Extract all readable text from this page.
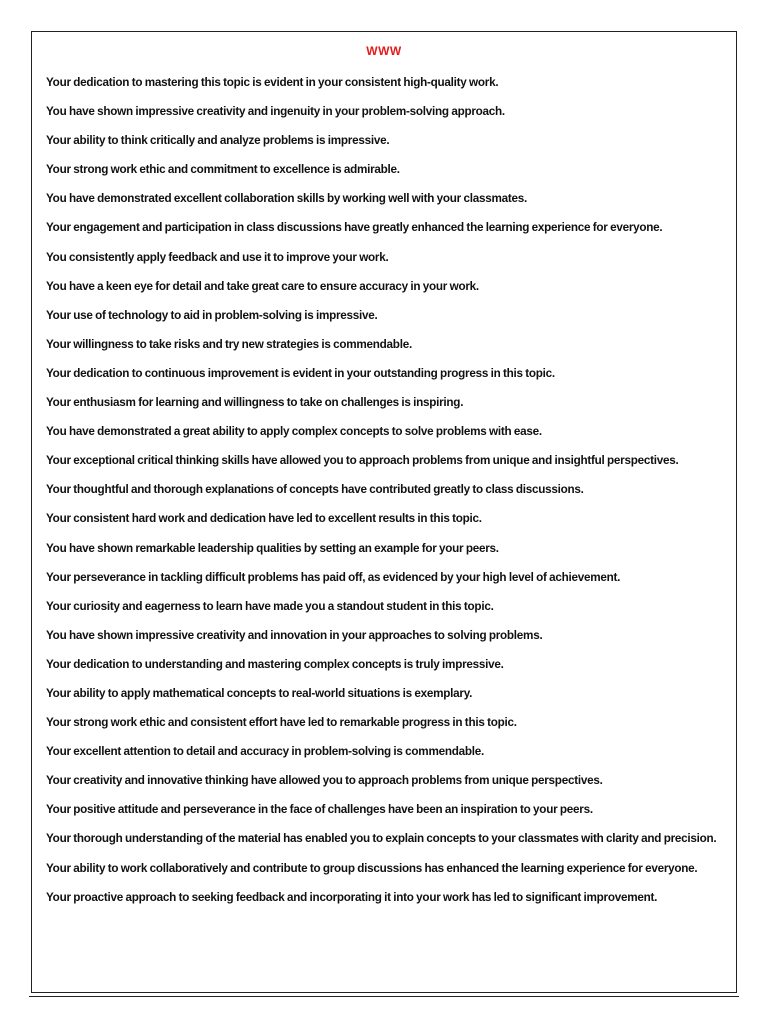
WWW
Your dedication to mastering this topic is evident in your consistent high-quality work.
You have shown impressive creativity and ingenuity in your problem-solving approach.
Your ability to think critically and analyze problems is impressive.
Your strong work ethic and commitment to excellence is admirable.
You have demonstrated excellent collaboration skills by working well with your classmates.
Your engagement and participation in class discussions have greatly enhanced the learning experience for everyone.
You consistently apply feedback and use it to improve your work.
You have a keen eye for detail and take great care to ensure accuracy in your work.
Your use of technology to aid in problem-solving is impressive.
Your willingness to take risks and try new strategies is commendable.
Your dedication to continuous improvement is evident in your outstanding progress in this topic.
Your enthusiasm for learning and willingness to take on challenges is inspiring.
You have demonstrated a great ability to apply complex concepts to solve problems with ease.
Your exceptional critical thinking skills have allowed you to approach problems from unique and insightful perspectives.
Your thoughtful and thorough explanations of concepts have contributed greatly to class discussions.
Your consistent hard work and dedication have led to excellent results in this topic.
You have shown remarkable leadership qualities by setting an example for your peers.
Your perseverance in tackling difficult problems has paid off, as evidenced by your high level of achievement.
Your curiosity and eagerness to learn have made you a standout student in this topic.
You have shown impressive creativity and innovation in your approaches to solving problems.
Your dedication to understanding and mastering complex concepts is truly impressive.
Your ability to apply mathematical concepts to real-world situations is exemplary.
Your strong work ethic and consistent effort have led to remarkable progress in this topic.
Your excellent attention to detail and accuracy in problem-solving is commendable.
Your creativity and innovative thinking have allowed you to approach problems from unique perspectives.
Your positive attitude and perseverance in the face of challenges have been an inspiration to your peers.
Your thorough understanding of the material has enabled you to explain concepts to your classmates with clarity and precision.
Your ability to work collaboratively and contribute to group discussions has enhanced the learning experience for everyone.
Your proactive approach to seeking feedback and incorporating it into your work has led to significant improvement.
